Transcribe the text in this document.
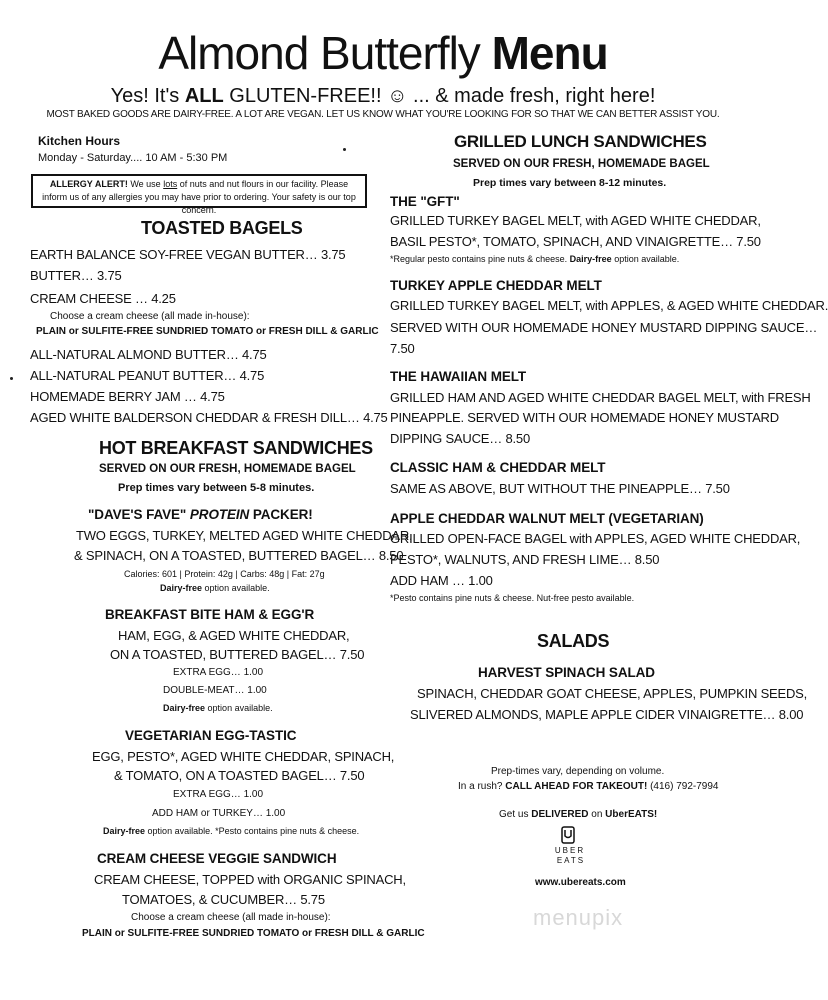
Almond Butterfly Menu
Yes! It's ALL GLUTEN-FREE!! ☺ ... & made fresh, right here!
MOST BAKED GOODS ARE DAIRY-FREE. A LOT ARE VEGAN. LET US KNOW WHAT YOU'RE LOOKING FOR SO THAT WE CAN BETTER ASSIST YOU.
Kitchen Hours
Monday - Saturday.... 10 AM - 5:30 PM
ALLERGY ALERT! We use lots of nuts and nut flours in our facility. Please inform us of any allergies you may have prior to ordering. Your safety is our top concern.
TOASTED BAGELS
EARTH BALANCE SOY-FREE VEGAN BUTTER… 3.75
BUTTER… 3.75
CREAM CHEESE … 4.25
Choose a cream cheese (all made in-house):
PLAIN or SULFITE-FREE SUNDRIED TOMATO or FRESH DILL & GARLIC
ALL-NATURAL ALMOND BUTTER… 4.75
ALL-NATURAL PEANUT BUTTER… 4.75
HOMEMADE BERRY JAM … 4.75
AGED WHITE BALDERSON CHEDDAR & FRESH DILL… 4.75
HOT BREAKFAST SANDWICHES
SERVED ON OUR FRESH, HOMEMADE BAGEL
Prep times vary between 5-8 minutes.
"DAVE'S FAVE" PROTEIN PACKER!
TWO EGGS, TURKEY, MELTED AGED WHITE CHEDDAR,
& SPINACH, ON A TOASTED, BUTTERED BAGEL… 8.50
Calories: 601 | Protein: 42g | Carbs: 48g | Fat: 27g
Dairy-free option available.
BREAKFAST BITE HAM & EGG'R
HAM, EGG, & AGED WHITE CHEDDAR,
ON A TOASTED, BUTTERED BAGEL… 7.50
EXTRA EGG… 1.00
DOUBLE-MEAT… 1.00
Dairy-free option available.
VEGETARIAN EGG-TASTIC
EGG, PESTO*, AGED WHITE CHEDDAR, SPINACH,
& TOMATO, ON A TOASTED BAGEL… 7.50
EXTRA EGG… 1.00
ADD HAM or TURKEY… 1.00
Dairy-free option available. *Pesto contains pine nuts & cheese.
CREAM CHEESE VEGGIE SANDWICH
CREAM CHEESE, TOPPED with ORGANIC SPINACH,
TOMATOES, & CUCUMBER… 5.75
Choose a cream cheese (all made in-house):
PLAIN or SULFITE-FREE SUNDRIED TOMATO or FRESH DILL & GARLIC
GRILLED LUNCH SANDWICHES
SERVED ON OUR FRESH, HOMEMADE BAGEL
Prep times vary between 8-12 minutes.
THE "GFT"
GRILLED TURKEY BAGEL MELT, with AGED WHITE CHEDDAR,
BASIL PESTO*, TOMATO, SPINACH, AND VINAIGRETTE… 7.50
*Regular pesto contains pine nuts & cheese. Dairy-free option available.
TURKEY APPLE CHEDDAR MELT
GRILLED TURKEY BAGEL MELT, with APPLES, & AGED WHITE CHEDDAR.
SERVED WITH OUR HOMEMADE HONEY MUSTARD DIPPING SAUCE…
7.50
THE HAWAIIAN MELT
GRILLED HAM AND AGED WHITE CHEDDAR BAGEL MELT, with FRESH
PINEAPPLE. SERVED WITH OUR HOMEMADE HONEY MUSTARD
DIPPING SAUCE… 8.50
CLASSIC HAM & CHEDDAR MELT
SAME AS ABOVE, BUT WITHOUT THE PINEAPPLE… 7.50
APPLE CHEDDAR WALNUT MELT (VEGETARIAN)
GRILLED OPEN-FACE BAGEL with APPLES, AGED WHITE CHEDDAR,
PESTO*, WALNUTS, AND FRESH LIME… 8.50
ADD HAM … 1.00
*Pesto contains pine nuts & cheese. Nut-free pesto available.
SALADS
HARVEST SPINACH SALAD
SPINACH, CHEDDAR GOAT CHEESE, APPLES, PUMPKIN SEEDS,
SLIVERED ALMONDS, MAPLE APPLE CIDER VINAIGRETTE… 8.00
Prep-times vary, depending on volume.
In a rush? CALL AHEAD FOR TAKEOUT! (416) 792-7994
Get us DELIVERED on UberEATS!
UBER
EATS
www.ubereats.com
menupix
